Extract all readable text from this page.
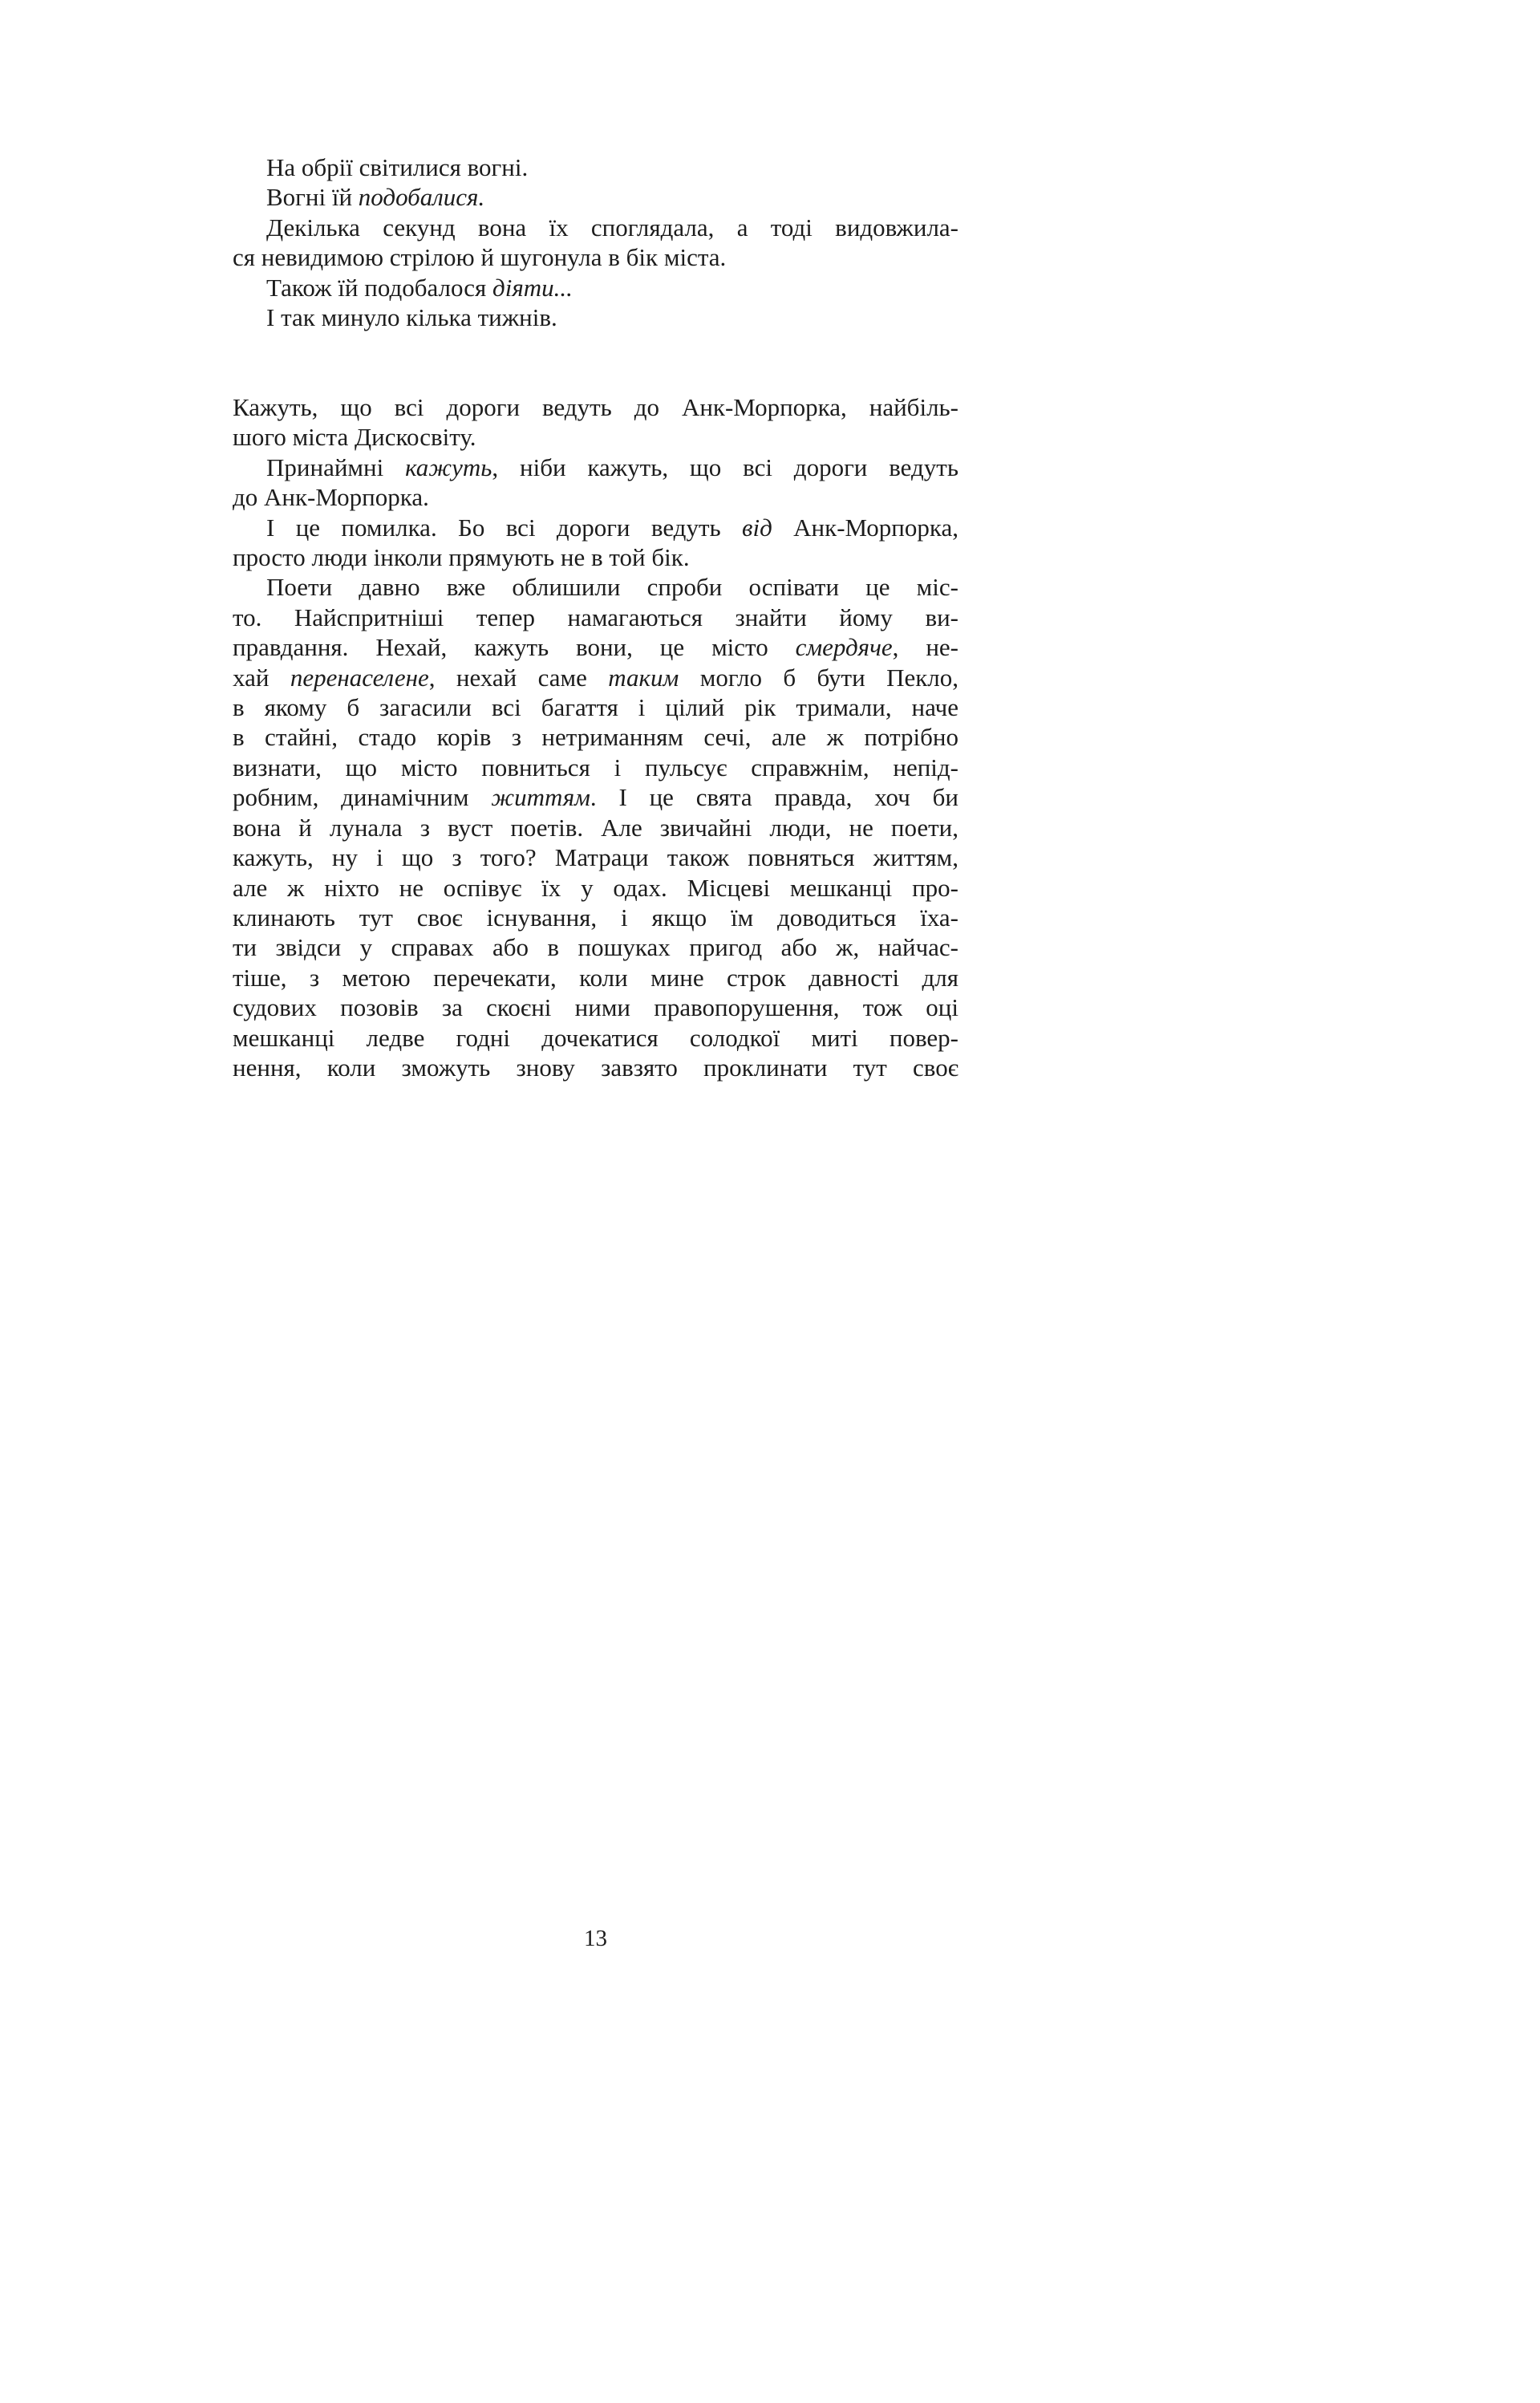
На обрії світилися вогні.
Вогні їй подобалися.
Декілька секунд вона їх споглядала, а тоді видовжила-
ся невидимою стрілою й шугонула в бік міста.
Також їй подобалося діяти...
І так минуло кілька тижнів.
Кажуть, що всі дороги ведуть до Анк-Морпорка, найбіль-
шого міста Дискосвіту.
Принаймні кажуть, ніби кажуть, що всі дороги ведуть
до Анк-Морпорка.
І це помилка. Бо всі дороги ведуть від Анк-Морпорка,
просто люди інколи прямують не в той бік.
Поети давно вже облишили спроби оспівати це міс-
то. Найспритніші тепер намагаються знайти йому ви-
правдання. Нехай, кажуть вони, це місто смердяче, не-
хай перенаселене, нехай саме таким могло б бути Пекло,
в якому б загасили всі багаття і цілий рік тримали, наче
в стайні, стадо корів з нетриманням сечі, але ж потрібно
визнати, що місто повниться і пульсує справжнім, непід-
робним, динамічним життям. І це свята правда, хоч би
вона й лунала з вуст поетів. Але звичайні люди, не поети,
кажуть, ну і що з того? Матраци також повняться життям,
але ж ніхто не оспівує їх у одах. Місцеві мешканці про-
клинають тут своє існування, і якщо їм доводиться їха-
ти звідси у справах або в пошуках пригод або ж, найчас-
тіше, з метою перечекати, коли мине строк давності для
судових позовів за скоєні ними правопорушення, тож оці
мешканці ледве годні дочекатися солодкої миті повер-
нення, коли зможуть знову завзято проклинати тут своє
13
